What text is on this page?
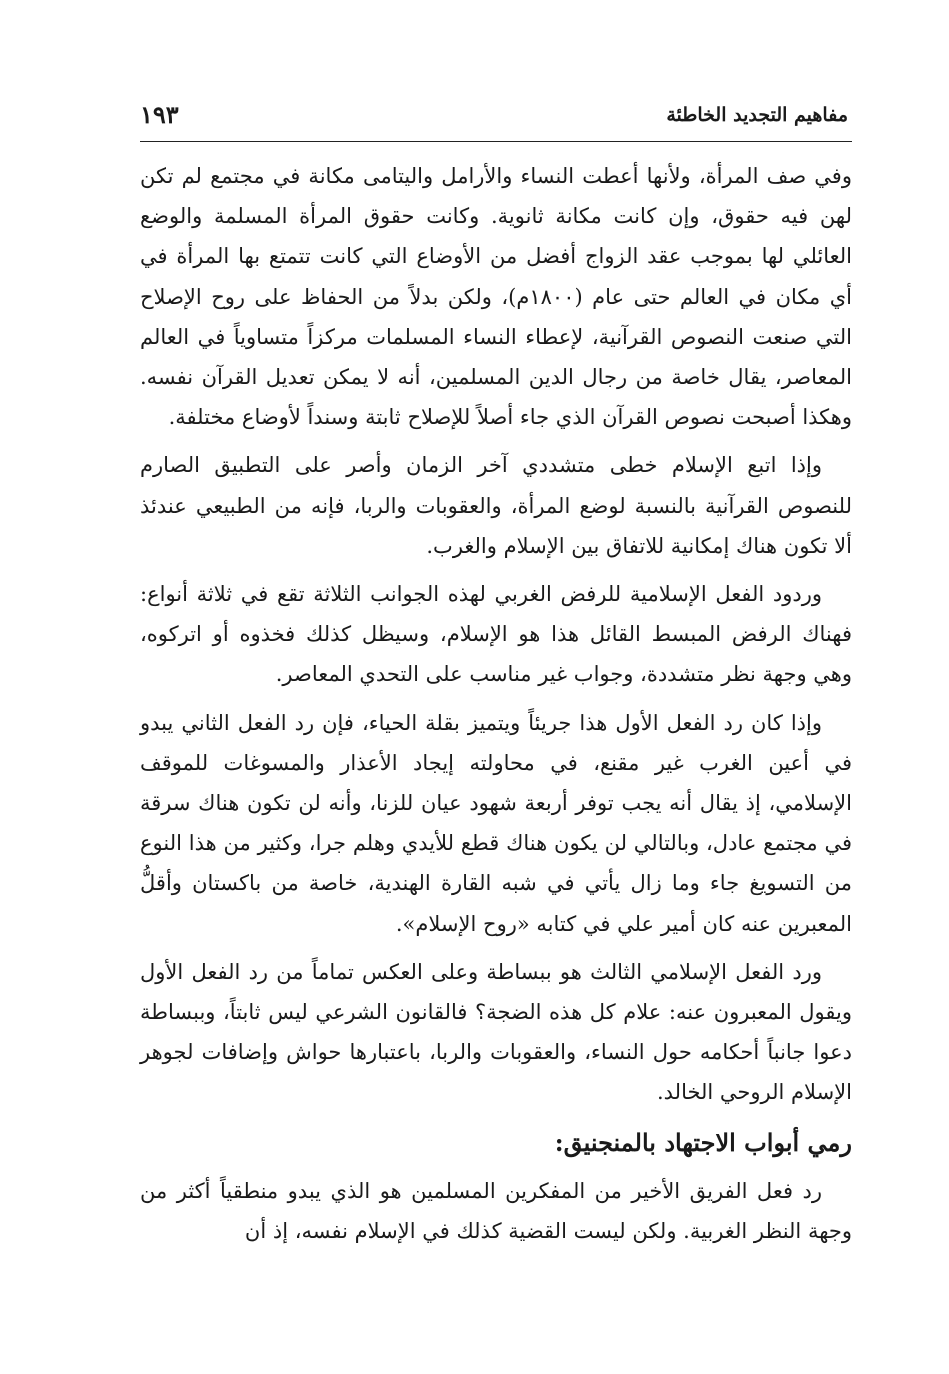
مفاهيم التجديد الخاطئة
١٩٣

وفي صف المرأة، ولأنها أعطت النساء والأرامل واليتامى مكانة في مجتمع لم تكن لهن فيه حقوق، وإن كانت مكانة ثانوية. وكانت حقوق المرأة المسلمة والوضع العائلي لها بموجب عقد الزواج أفضل من الأوضاع التي كانت تتمتع بها المرأة في أي مكان في العالم حتى عام (١٨٠٠م)، ولكن بدلاً من الحفاظ على روح الإصلاح التي صنعت النصوص القرآنية، لإعطاء النساء المسلمات مركزاً متساوياً في العالم المعاصر، يقال خاصة من رجال الدين المسلمين، أنه لا يمكن تعديل القرآن نفسه. وهكذا أصبحت نصوص القرآن الذي جاء أصلاً للإصلاح ثابتة وسنداً لأوضاع مختلفة.

وإذا اتبع الإسلام خطى متشددي آخر الزمان وأصر على التطبيق الصارم للنصوص القرآنية بالنسبة لوضع المرأة، والعقوبات والربا، فإنه من الطبيعي عندئذ ألا تكون هناك إمكانية للاتفاق بين الإسلام والغرب.

وردود الفعل الإسلامية للرفض الغربي لهذه الجوانب الثلاثة تقع في ثلاثة أنواع: فهناك الرفض المبسط القائل هذا هو الإسلام، وسيظل كذلك فخذوه أو اتركوه، وهي وجهة نظر متشددة، وجواب غير مناسب على التحدي المعاصر.

وإذا كان رد الفعل الأول هذا جريئاً ويتميز بقلة الحياء، فإن رد الفعل الثاني يبدو في أعين الغرب غير مقنع، في محاولته إيجاد الأعذار والمسوغات للموقف الإسلامي، إذ يقال أنه يجب توفر أربعة شهود عيان للزنا، وأنه لن تكون هناك سرقة في مجتمع عادل، وبالتالي لن يكون هناك قطع للأيدي وهلم جرا، وكثير من هذا النوع من التسويغ جاء وما زال يأتي في شبه القارة الهندية، خاصة من باكستان وأقلُّ المعبرين عنه كان أمير علي في كتابه «روح الإسلام».

ورد الفعل الإسلامي الثالث هو ببساطة وعلى العكس تماماً من رد الفعل الأول ويقول المعبرون عنه: علام كل هذه الضجة؟ فالقانون الشرعي ليس ثابتاً، وببساطة دعوا جانباً أحكامه حول النساء، والعقوبات والربا، باعتبارها حواش وإضافات لجوهر الإسلام الروحي الخالد.

رمي أبواب الاجتهاد بالمنجنيق:

رد فعل الفريق الأخير من المفكرين المسلمين هو الذي يبدو منطقياً أكثر من وجهة النظر الغربية. ولكن ليست القضية كذلك في الإسلام نفسه، إذ أن
